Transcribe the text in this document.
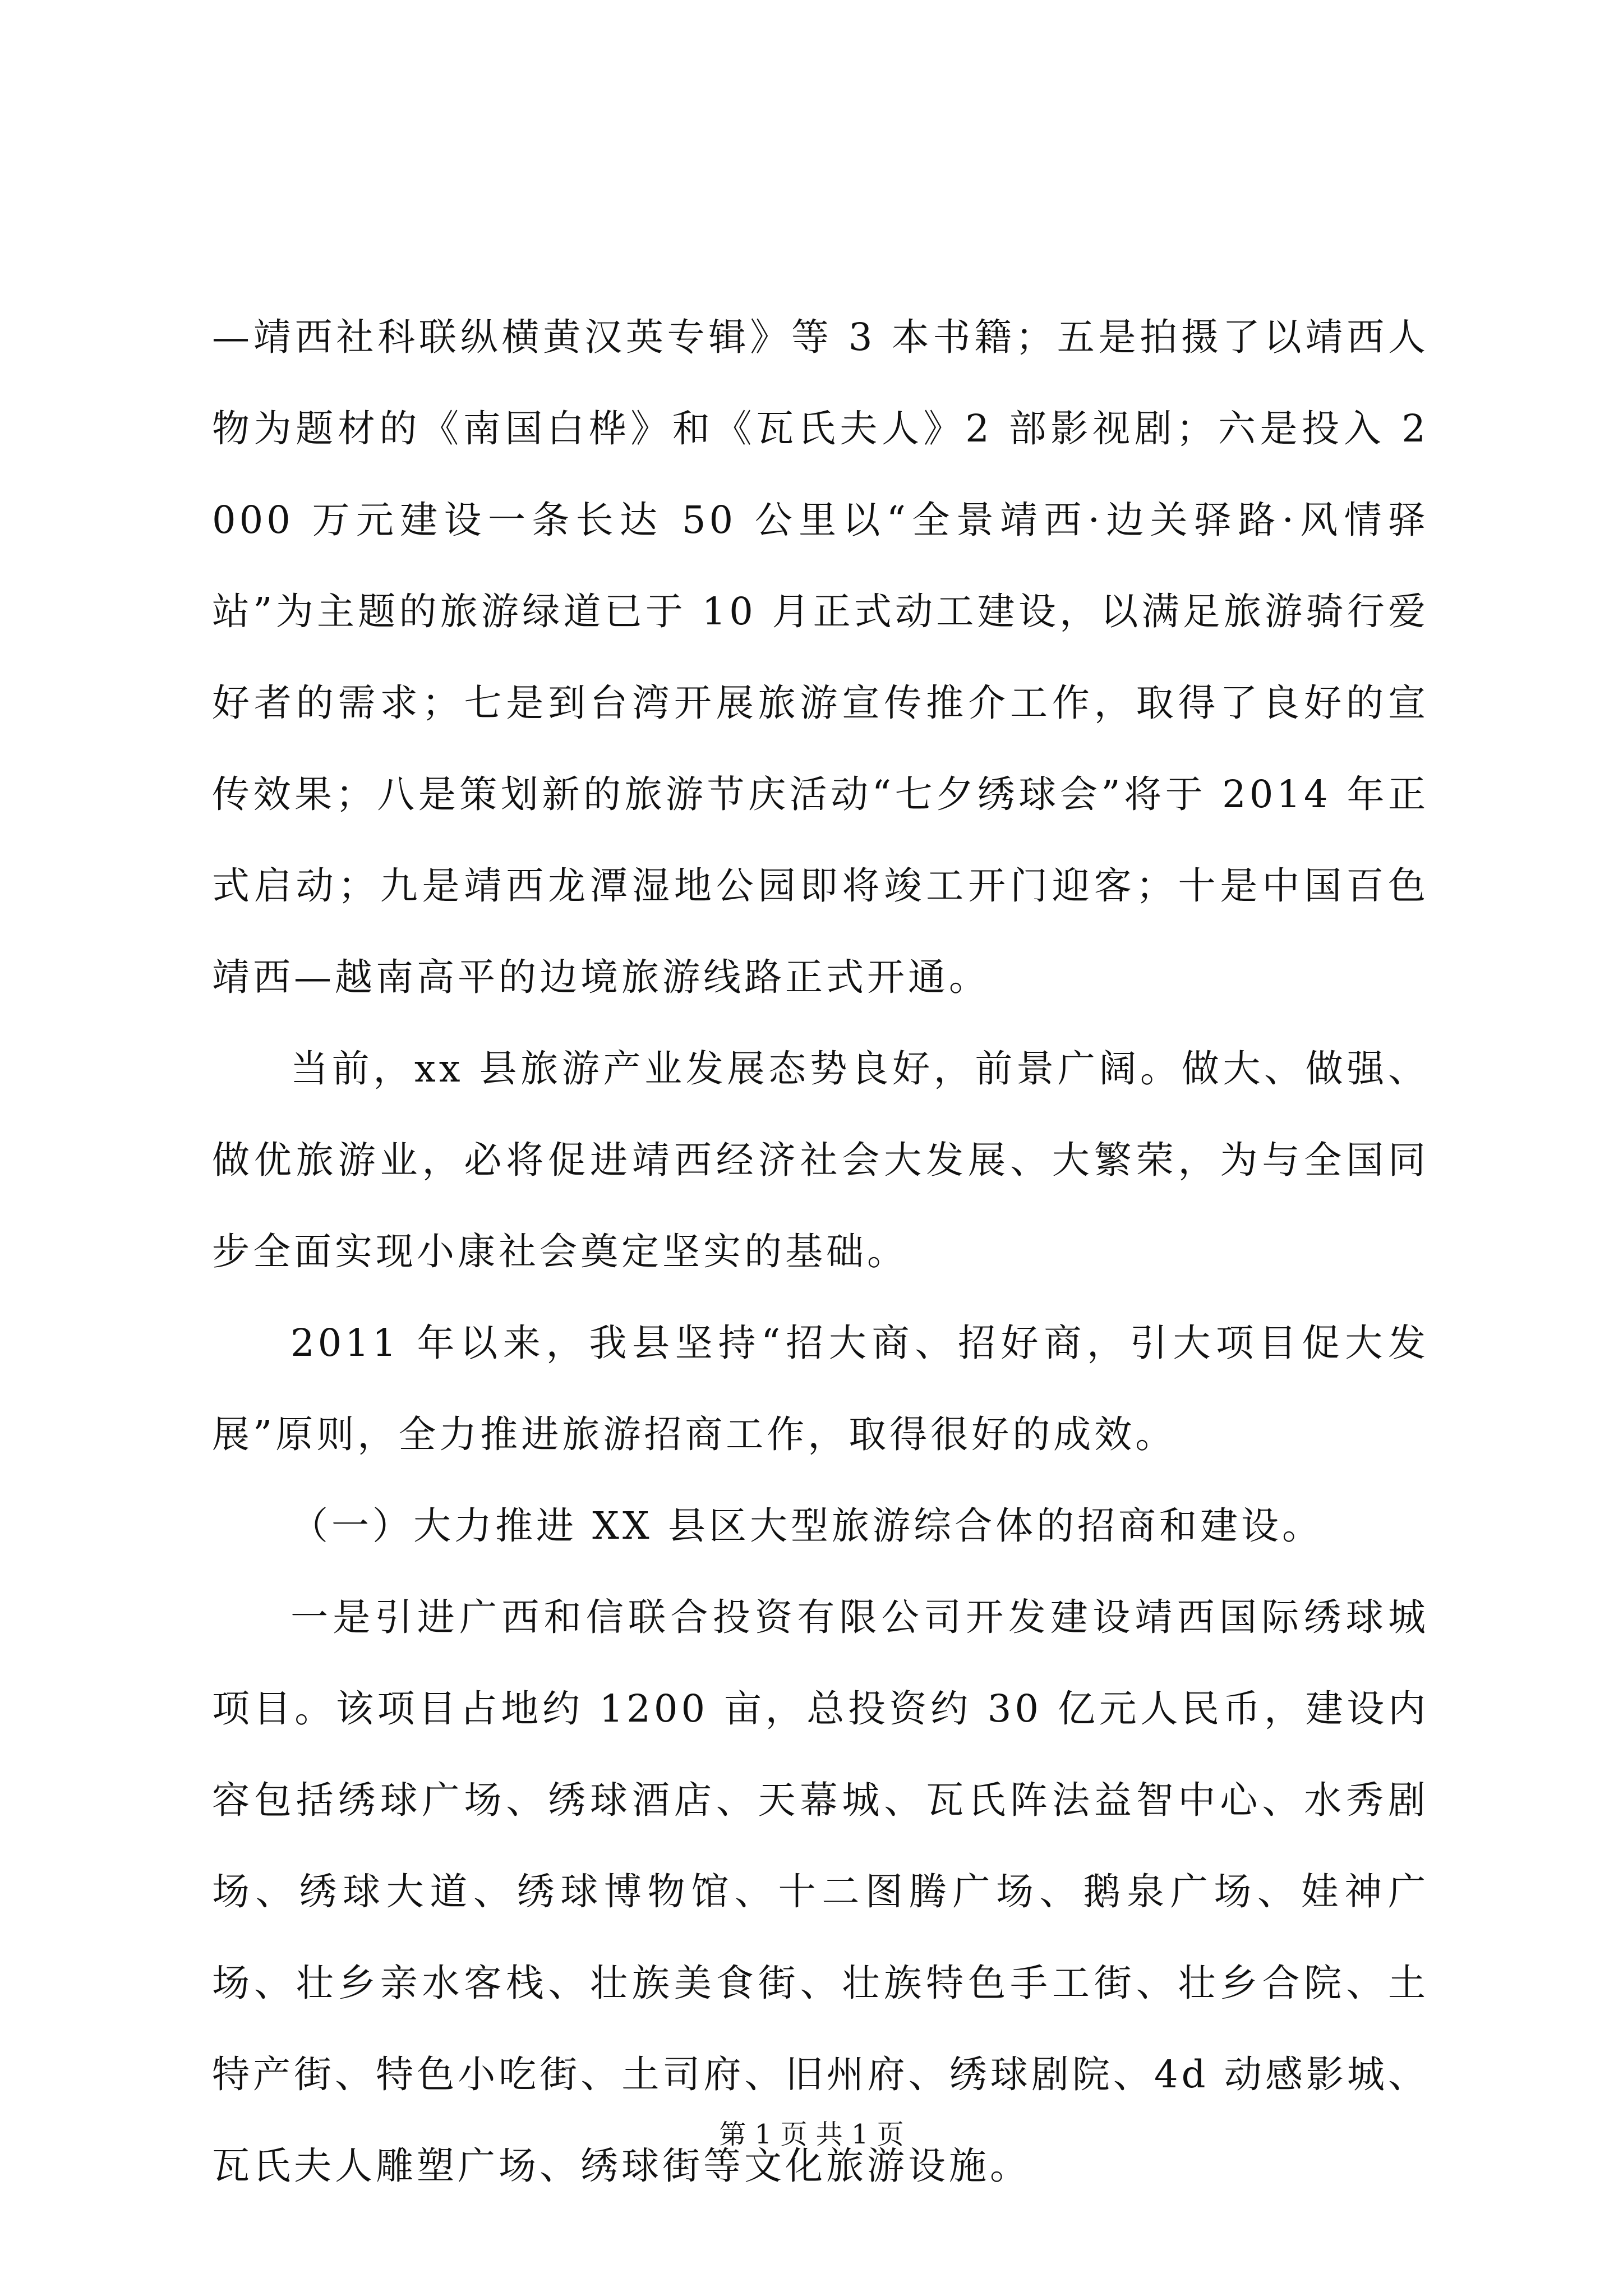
—靖西社科联纵横黄汉英专辑》等 3 本书籍；五是拍摄了以靖西人物为题材的《南国白桦》和《瓦氏夫人》2 部影视剧；六是投入 2000 万元建设一条长达 50 公里以“全景靖西·边关驿路·风情驿站”为主题的旅游绿道已于 10 月正式动工建设，以满足旅游骑行爱好者的需求；七是到台湾开展旅游宣传推介工作，取得了良好的宣传效果；八是策划新的旅游节庆活动“七夕绣球会”将于 2014 年正式启动；九是靖西龙潭湿地公园即将竣工开门迎客；十是中国百色靖西—越南高平的边境旅游线路正式开通。

当前，xx 县旅游产业发展态势良好，前景广阔。做大、做强、做优旅游业，必将促进靖西经济社会大发展、大繁荣，为与全国同步全面实现小康社会奠定坚实的基础。

2011 年以来，我县坚持“招大商、招好商，引大项目促大发展”原则，全力推进旅游招商工作，取得很好的成效。

（一）大力推进 XX 县区大型旅游综合体的招商和建设。

一是引进广西和信联合投资有限公司开发建设靖西国际绣球城项目。该项目占地约 1200 亩，总投资约 30 亿元人民币，建设内容包括绣球广场、绣球酒店、天幕城、瓦氏阵法益智中心、水秀剧场、绣球大道、绣球博物馆、十二图腾广场、鹅泉广场、娃神广场、壮乡亲水客栈、壮族美食街、壮族特色手工街、壮乡合院、土特产街、特色小吃街、土司府、旧州府、绣球剧院、4d 动感影城、瓦氏夫人雕塑广场、绣球街等文化旅游设施。

第 1 页 共 1 页
